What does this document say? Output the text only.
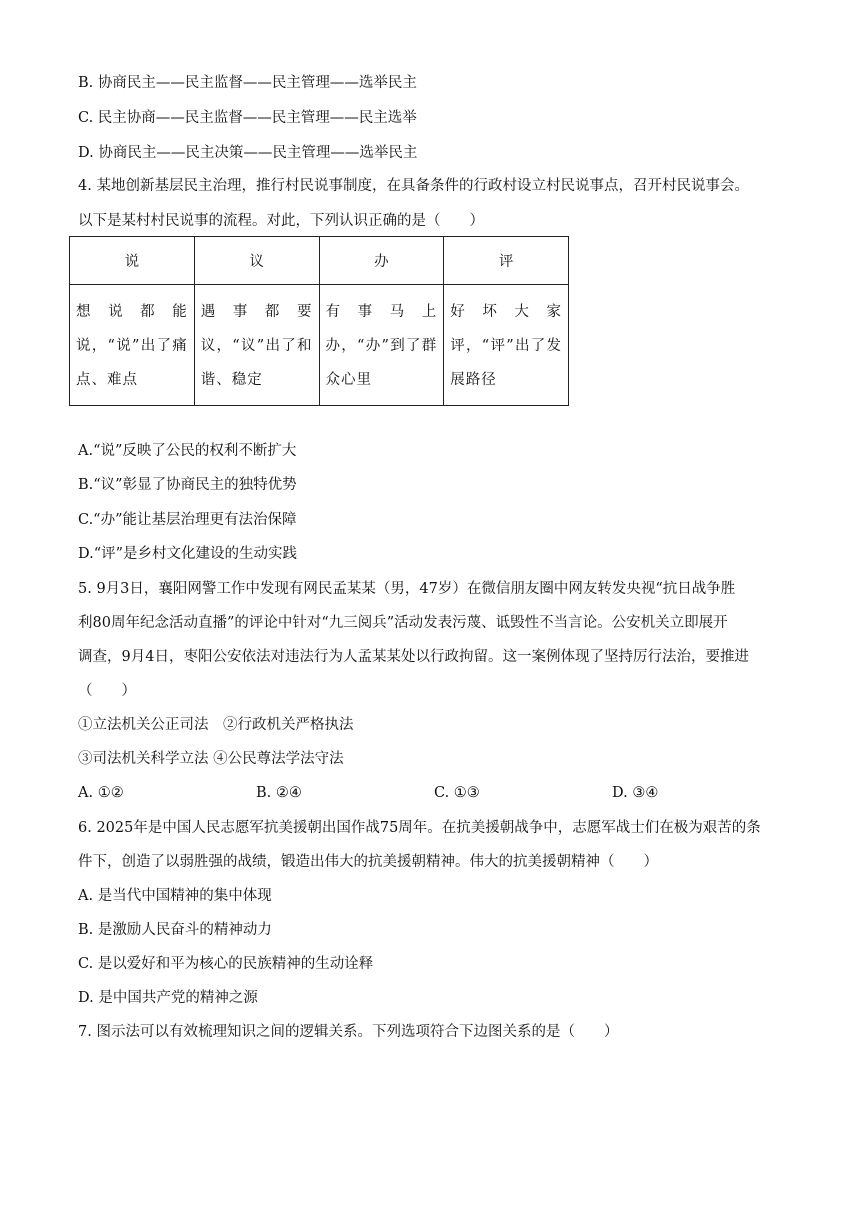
B. 协商民主——民主监督——民主管理——选举民主
C. 民主协商——民主监督——民主管理——民主选举
D. 协商民主——民主决策——民主管理——选举民主
4. 某地创新基层民主治理，推行村民说事制度，在具备条件的行政村设立村民说事点，召开村民说事会。
以下是某村村民说事的流程。对此，下列认识正确的是（　　）
说	议	办	评
想说都能说，“说”出了痛点、难点	遇事都要议，“议”出了和谐、稳定	有事马上办，“办”到了群众心里	好坏大家评，“评”出了发展路径
A.“说”反映了公民的权利不断扩大
B.“议”彰显了协商民主的独特优势
C.“办”能让基层治理更有法治保障
D.“评”是乡村文化建设的生动实践
5. 9月3日，襄阳网警工作中发现有网民孟某某（男，47岁）在微信朋友圈中网友转发央视“抗日战争胜
利80周年纪念活动直播”的评论中针对“九三阅兵”活动发表污蔑、诋毁性不当言论。公安机关立即展开
调查，9月4日，枣阳公安依法对违法行为人孟某某处以行政拘留。这一案例体现了坚持厉行法治，要推进
（　　）
①立法机关公正司法　②行政机关严格执法
③司法机关科学立法 ④公民尊法学法守法
A. ①②	B. ②④	C. ①③	D. ③④
6. 2025年是中国人民志愿军抗美援朝出国作战75周年。在抗美援朝战争中，志愿军战士们在极为艰苦的条
件下，创造了以弱胜强的战绩，锻造出伟大的抗美援朝精神。伟大的抗美援朝精神（　　）
A. 是当代中国精神的集中体现
B. 是激励人民奋斗的精神动力
C. 是以爱好和平为核心的民族精神的生动诠释
D. 是中国共产党的精神之源
7. 图示法可以有效梳理知识之间的逻辑关系。下列选项符合下边图关系的是（　　）
